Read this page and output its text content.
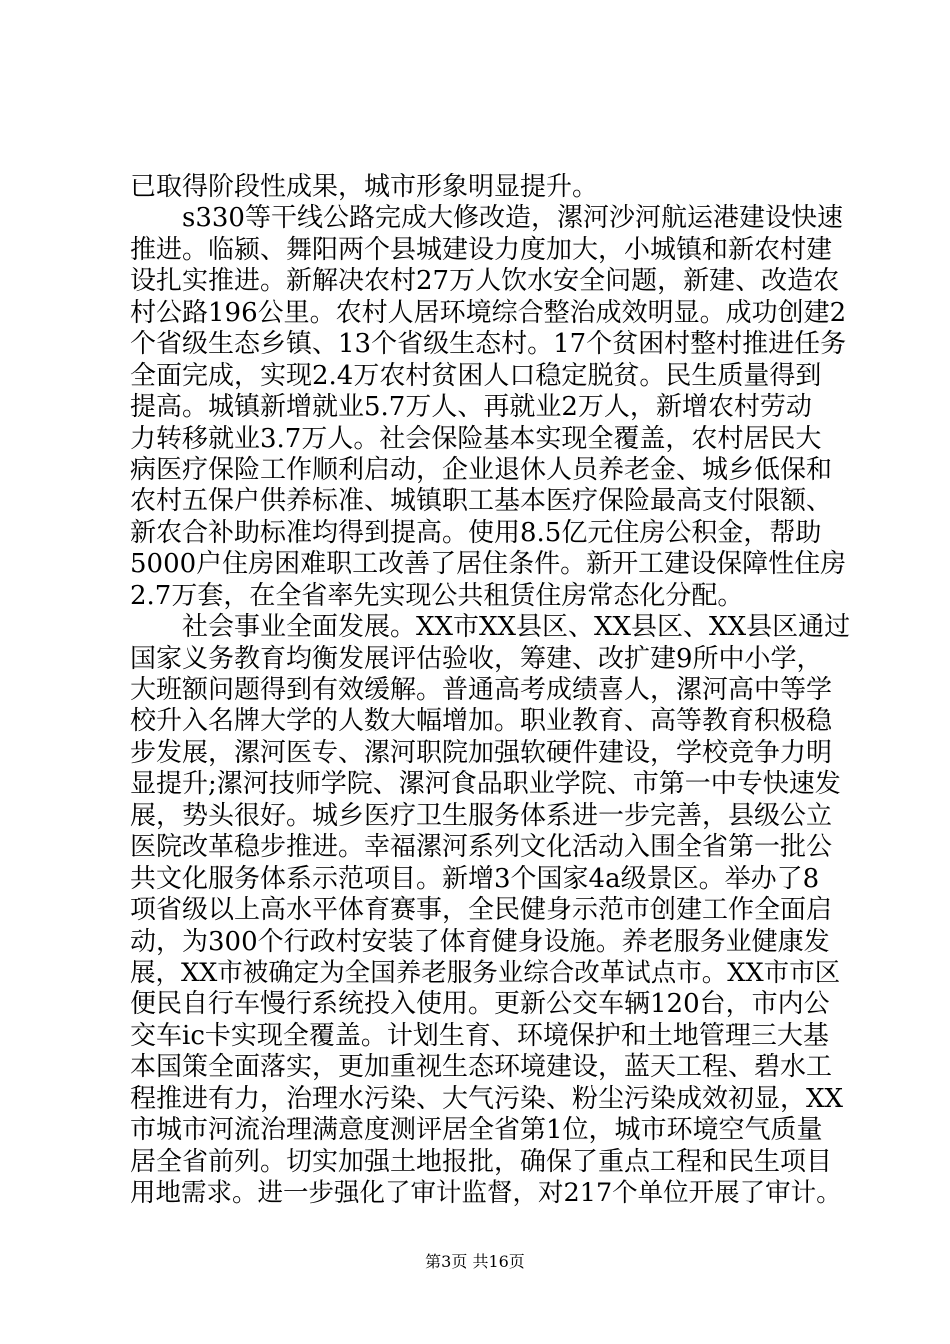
已取得阶段性成果，城市形象明显提升。
s330等干线公路完成大修改造，漯河沙河航运港建设快速
推进。临颍、舞阳两个县城建设力度加大，小城镇和新农村建
设扎实推进。新解决农村27万人饮水安全问题，新建、改造农
村公路196公里。农村人居环境综合整治成效明显。成功创建2
个省级生态乡镇、13个省级生态村。17个贫困村整村推进任务
全面完成，实现2.4万农村贫困人口稳定脱贫。民生质量得到
提高。城镇新增就业5.7万人、再就业2万人，新增农村劳动
力转移就业3.7万人。社会保险基本实现全覆盖，农村居民大
病医疗保险工作顺利启动，企业退休人员养老金、城乡低保和
农村五保户供养标准、城镇职工基本医疗保险最高支付限额、
新农合补助标准均得到提高。使用8.5亿元住房公积金，帮助
5000户住房困难职工改善了居住条件。新开工建设保障性住房
2.7万套，在全省率先实现公共租赁住房常态化分配。
社会事业全面发展。XX市XX县区、XX县区、XX县区通过
国家义务教育均衡发展评估验收，筹建、改扩建9所中小学，
大班额问题得到有效缓解。普通高考成绩喜人，漯河高中等学
校升入名牌大学的人数大幅增加。职业教育、高等教育积极稳
步发展，漯河医专、漯河职院加强软硬件建设，学校竞争力明
显提升;漯河技师学院、漯河食品职业学院、市第一中专快速发
展，势头很好。城乡医疗卫生服务体系进一步完善，县级公立
医院改革稳步推进。幸福漯河系列文化活动入围全省第一批公
共文化服务体系示范项目。新增3个国家4a级景区。举办了8
项省级以上高水平体育赛事，全民健身示范市创建工作全面启
动，为300个行政村安装了体育健身设施。养老服务业健康发
展，XX市被确定为全国养老服务业综合改革试点市。XX市市区
便民自行车慢行系统投入使用。更新公交车辆120台，市内公
交车ic卡实现全覆盖。计划生育、环境保护和土地管理三大基
本国策全面落实，更加重视生态环境建设，蓝天工程、碧水工
程推进有力，治理水污染、大气污染、粉尘污染成效初显，XX
市城市河流治理满意度测评居全省第1位，城市环境空气质量
居全省前列。切实加强土地报批，确保了重点工程和民生项目
用地需求。进一步强化了审计监督，对217个单位开展了审计。
第3页 共16页
